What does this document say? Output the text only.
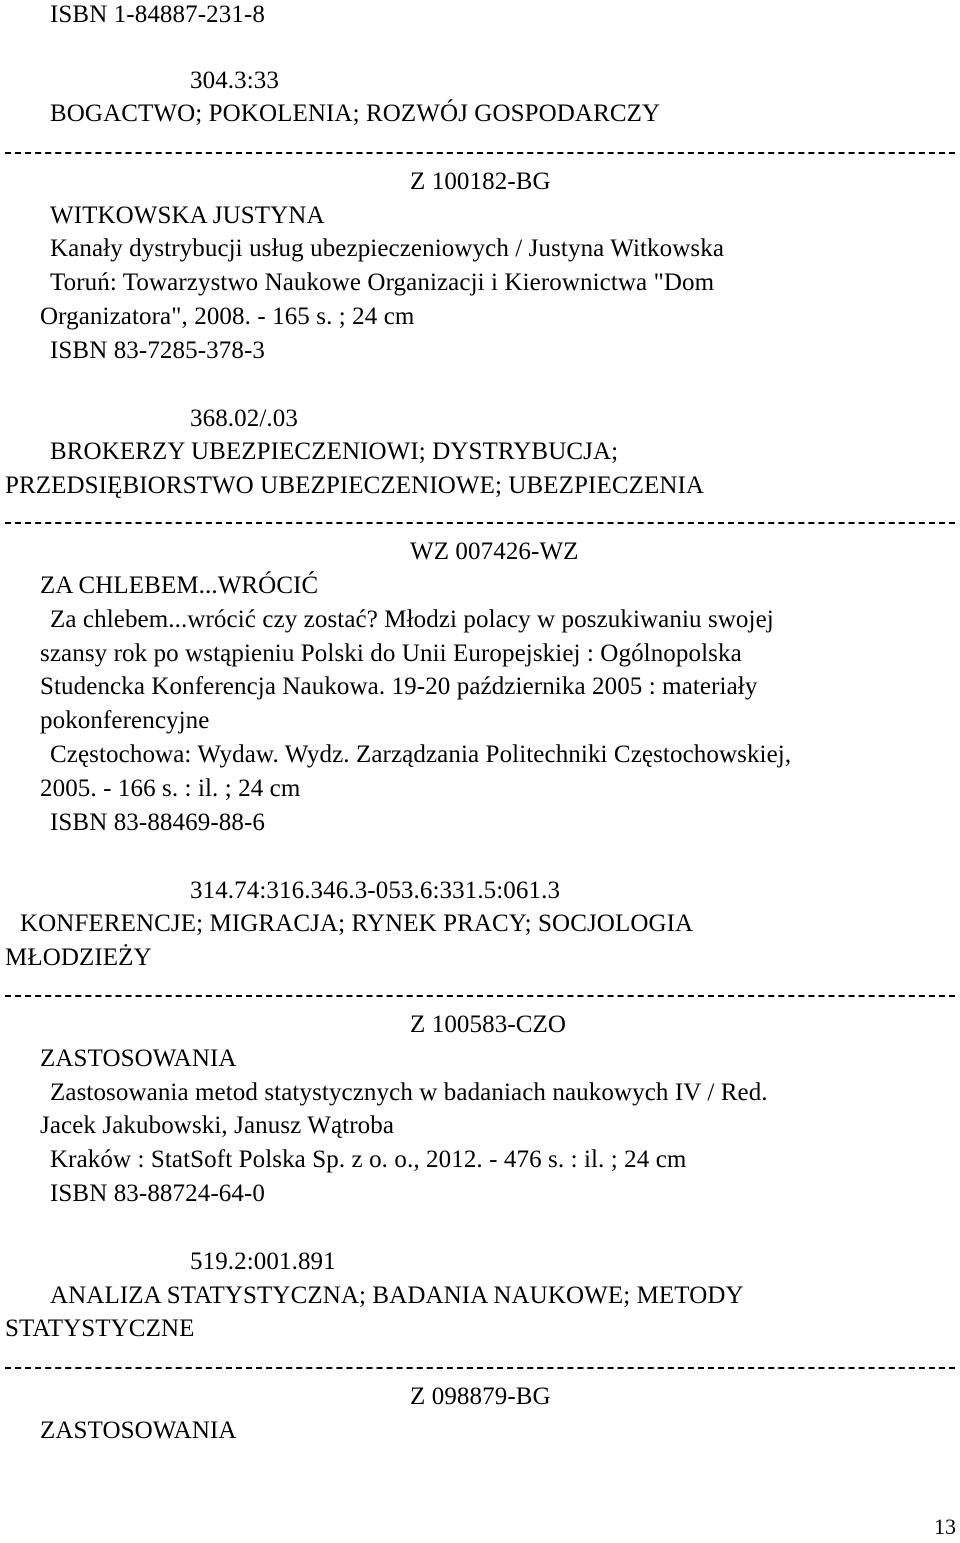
ISBN 1-84887-231-8
304.3:33
BOGACTWO; POKOLENIA; ROZWÓJ GOSPODARCZY
Z 100182-BG
WITKOWSKA JUSTYNA
Kanały dystrybucji usług ubezpieczeniowych / Justyna Witkowska
Toruń: Towarzystwo Naukowe Organizacji i Kierownictwa "Dom
Organizatora", 2008. - 165 s. ; 24 cm
ISBN 83-7285-378-3
368.02/.03
BROKERZY UBEZPIECZENIOWI; DYSTRYBUCJA;
PRZEDSIĘBIORSTWO UBEZPIECZENIOWE; UBEZPIECZENIA
WZ 007426-WZ
ZA CHLEBEM...WRÓCIĆ
Za chlebem...wrócić czy zostać? Młodzi polacy w poszukiwaniu swojej
szansy rok po wstąpieniu Polski do Unii Europejskiej : Ogólnopolska
Studencka Konferencja Naukowa. 19-20 października 2005 : materiały
pokonferencyjne
Częstochowa: Wydaw. Wydz. Zarządzania Politechniki Częstochowskiej,
2005. - 166 s. : il. ; 24 cm
ISBN 83-88469-88-6
314.74:316.346.3-053.6:331.5:061.3
KONFERENCJE; MIGRACJA; RYNEK PRACY; SOCJOLOGIA
MŁODZIEŻY
Z 100583-CZO
ZASTOSOWANIA
Zastosowania metod statystycznych w badaniach naukowych IV / Red.
Jacek Jakubowski, Janusz Wątroba
Kraków : StatSoft Polska Sp. z o. o., 2012. - 476 s. : il. ; 24 cm
ISBN 83-88724-64-0
519.2:001.891
ANALIZA STATYSTYCZNA; BADANIA NAUKOWE; METODY
STATYSTYCZNE
Z 098879-BG
ZASTOSOWANIA
13
